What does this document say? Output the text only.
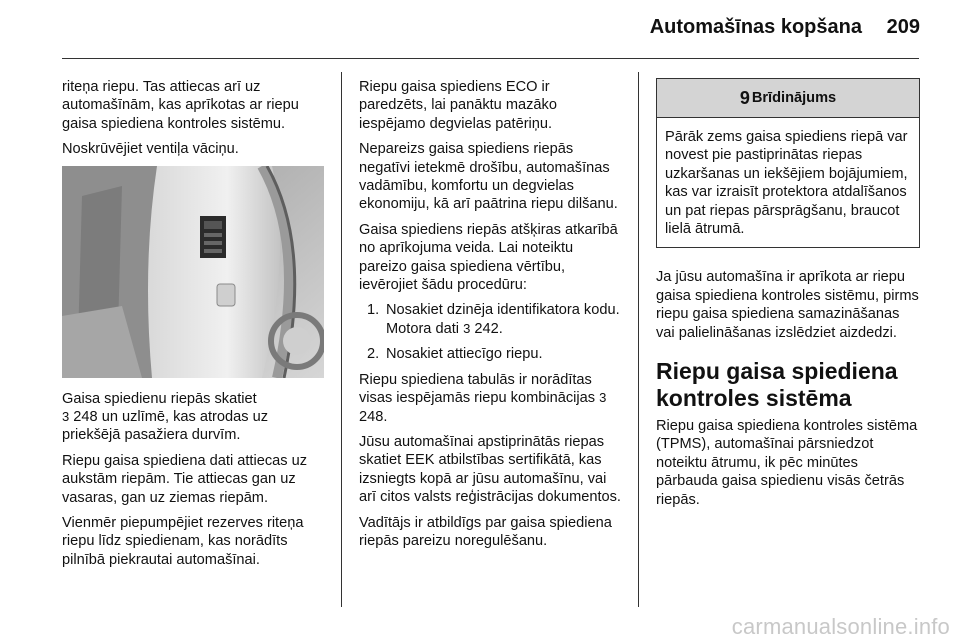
Automašīnas kopšana	209

riteņa riepu. Tas attiecas arī uz automašīnām, kas aprīkotas ar riepu gaisa spiediena kontroles sistēmu.

Noskrūvējiet ventiļa vāciņu.

Gaisa spiedienu riepās skatiet
3 248 un uzlīmē, kas atrodas uz priekšējā pasažiera durvīm.

Riepu gaisa spiediena dati attiecas uz aukstām riepām. Tie attiecas gan uz vasaras, gan uz ziemas riepām.

Vienmēr piepumpējiet rezerves riteņa riepu līdz spiedienam, kas norādīts pilnībā piekrautai automašīnai.

Riepu gaisa spiediens ECO ir paredzēts, lai panāktu mazāko iespējamo degvielas patēriņu.

Nepareizs gaisa spiediens riepās negatīvi ietekmē drošību, automašīnas vadāmību, komfortu un degvielas ekonomiju, kā arī paātrina riepu dilšanu.

Gaisa spiediens riepās atšķiras atkarībā no aprīkojuma veida. Lai noteiktu pareizo gaisa spiediena vērtību, ievērojiet šādu procedūru:

1. Nosakiet dzinēja identifikatora kodu. Motora dati 3 242.
2. Nosakiet attiecīgo riepu.

Riepu spiediena tabulās ir norādītas visas iespējamās riepu kombinācijas 3 248.

Jūsu automašīnai apstiprinātās riepas skatiet EEK atbilstības sertifikātā, kas izsniegts kopā ar jūsu automašīnu, vai arī citos valsts reģistrācijas dokumentos.

Vadītājs ir atbildīgs par gaisa spiediena riepās pareizu noregulēšanu.

9 Brīdinājums
Pārāk zems gaisa spiediens riepā var novest pie pastiprinātas riepas uzkaršanas un iekšējiem bojājumiem, kas var izraisīt protektora atdalīšanos un pat riepas pārsprāgšanu, braucot lielā ātrumā.

Ja jūsu automašīna ir aprīkota ar riepu gaisa spiediena kontroles sistēmu, pirms riepu gaisa spiediena samazināšanas vai palielināšanas izslēdziet aizdedzi.

Riepu gaisa spiediena kontroles sistēma

Riepu gaisa spiediena kontroles sistēma (TPMS), automašīnai pārsniedzot noteiktu ātrumu, ik pēc minūtes pārbauda gaisa spiedienu visās četrās riepās.

carmanualsonline.info
